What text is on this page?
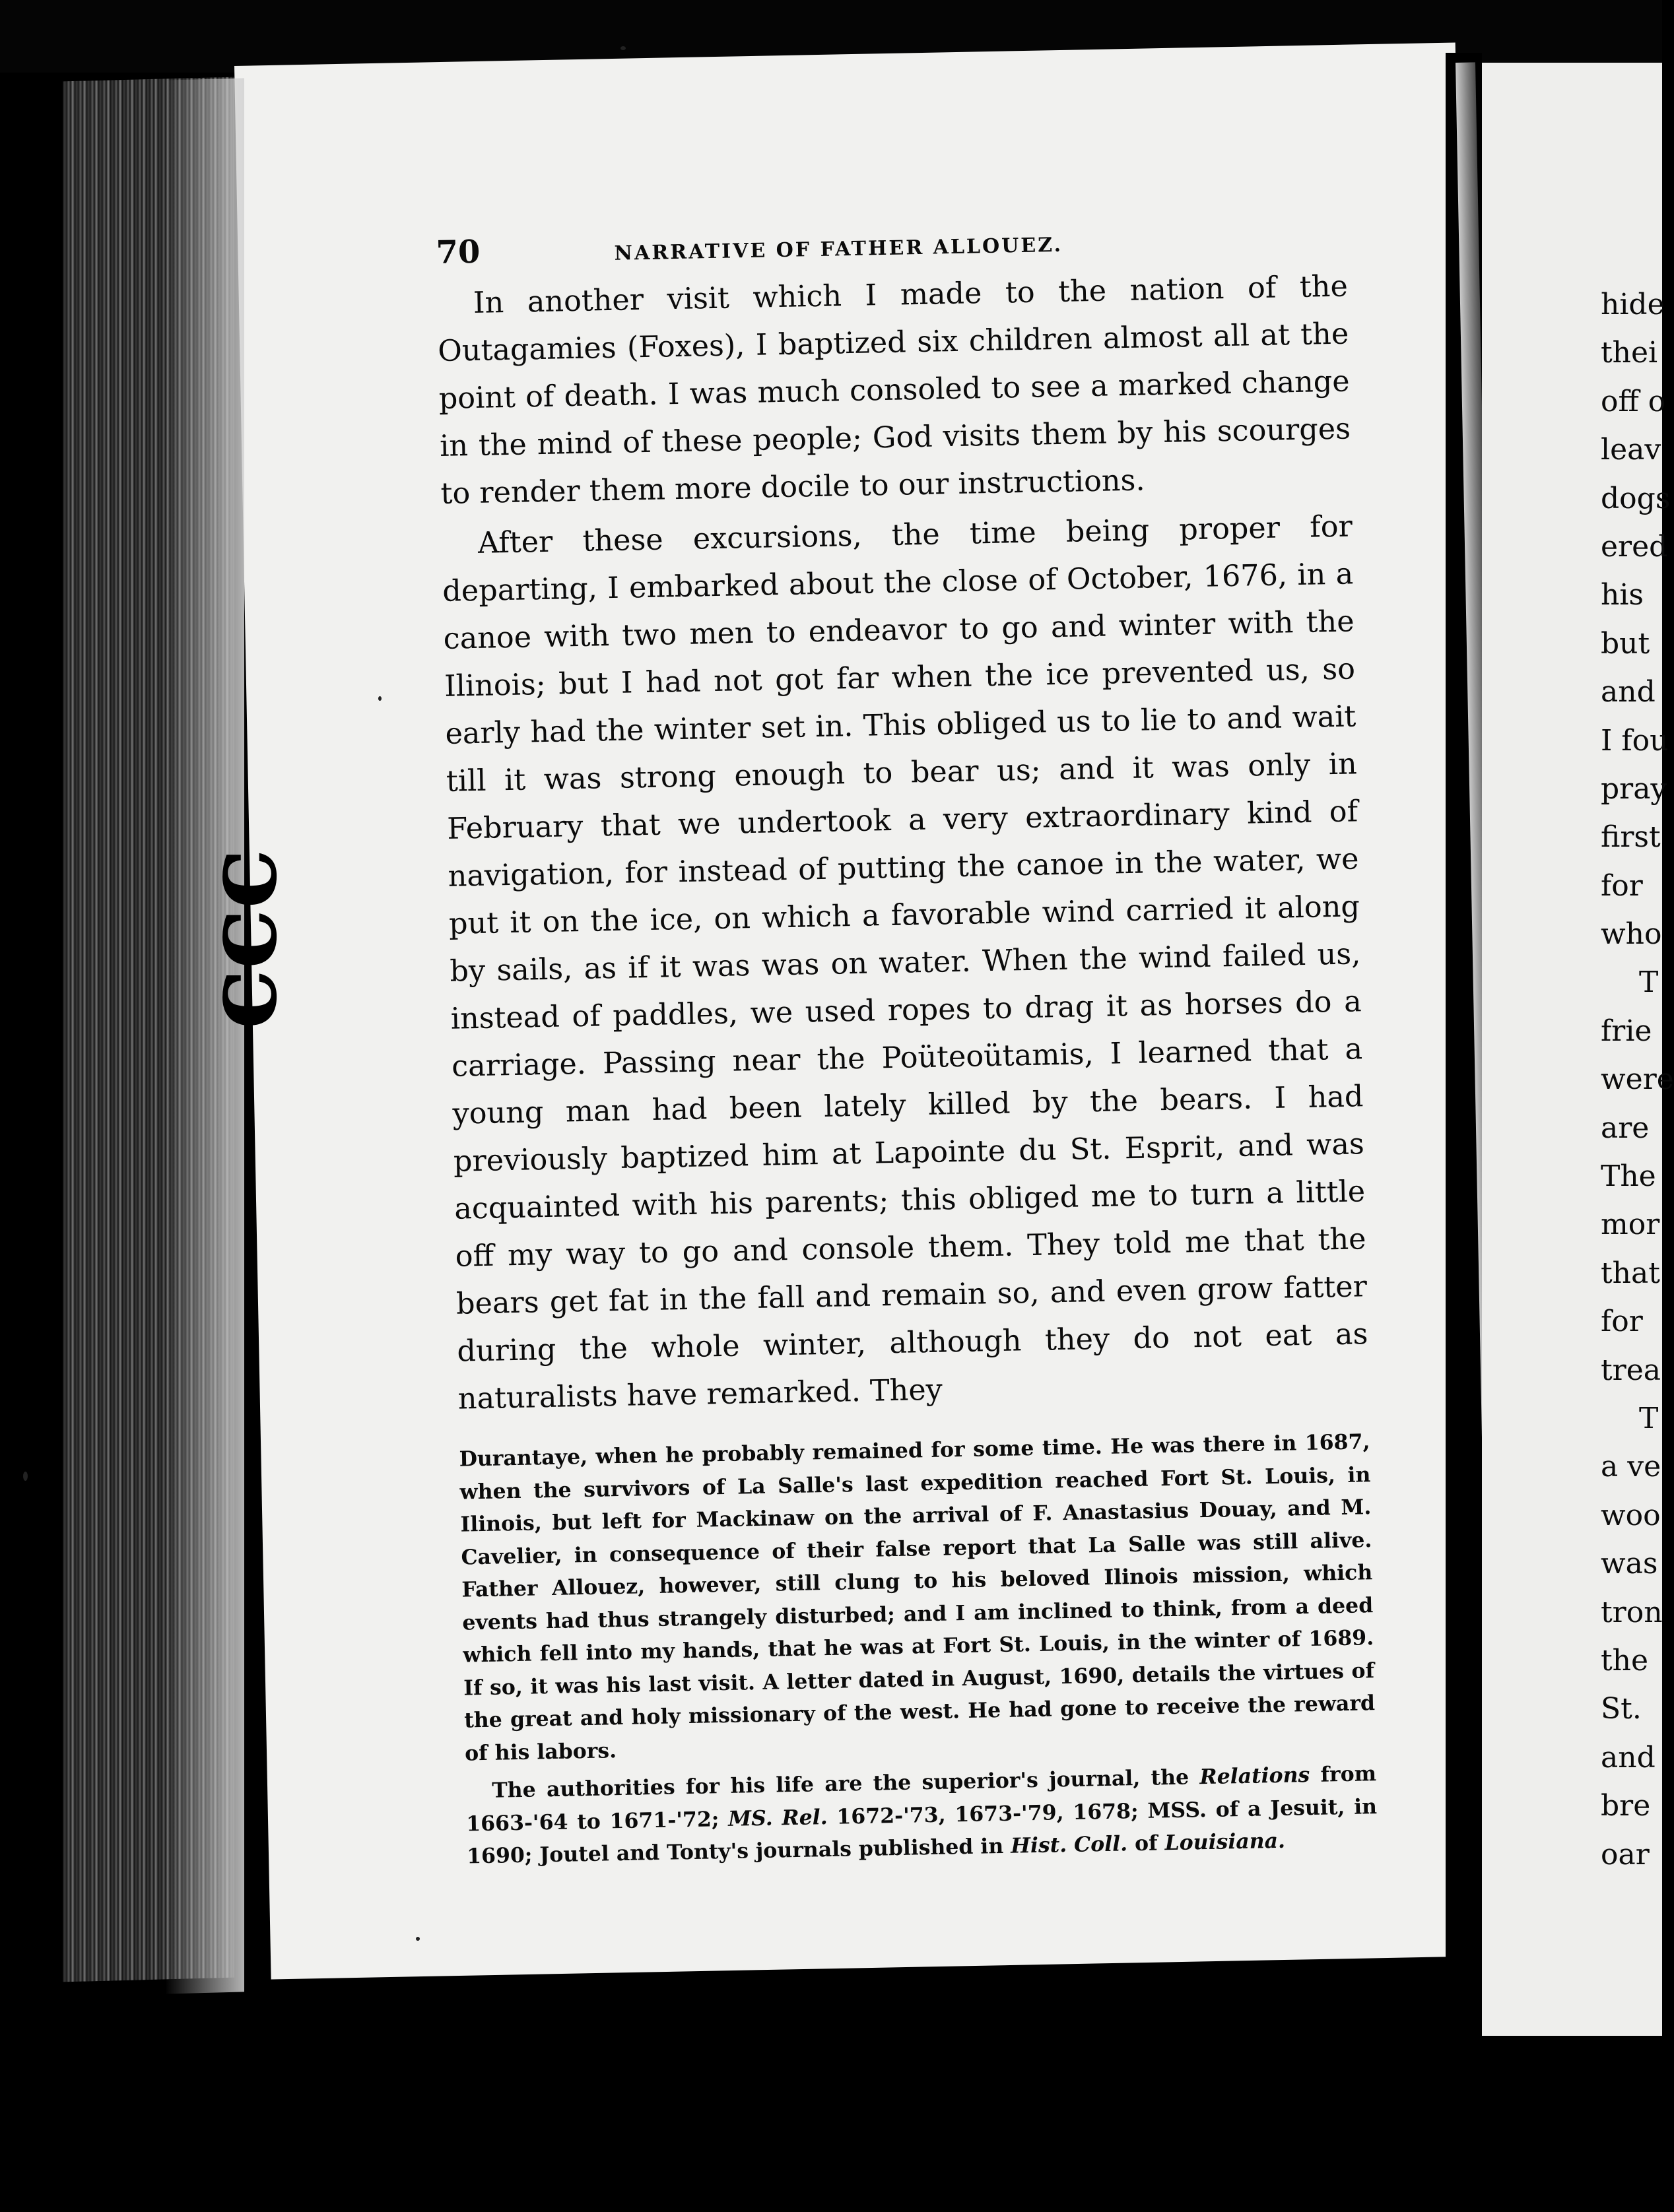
70	NARRATIVE OF FATHER ALLOUEZ.

In another visit which I made to the nation of the Outagamies (Foxes), I baptized six children almost all at the point of death. I was much consoled to see a marked change in the mind of these people; God visits them by his scourges to render them more docile to our instructions.

After these excursions, the time being proper for departing, I embarked about the close of October, 1676, in a canoe with two men to endeavor to go and winter with the Ilinois; but I had not got far when the ice prevented us, so early had the winter set in. This obliged us to lie to and wait till it was strong enough to bear us; and it was only in February that we undertook a very extraordinary kind of navigation, for instead of putting the canoe in the water, we put it on the ice, on which a favorable wind carried it along by sails, as if it was was on water. When the wind failed us, instead of paddles, we used ropes to drag it as horses do a carriage. Passing near the Poüteoütamis, I learned that a young man had been lately killed by the bears. I had previously baptized him at Lapointe du St. Esprit, and was acquainted with his parents; this obliged me to turn a little off my way to go and console them. They told me that the bears get fat in the fall and remain so, and even grow fatter during the whole winter, although they do not eat as naturalists have remarked. They

Durantaye, when he probably remained for some time. He was there in 1687, when the survivors of La Salle's last expedition reached Fort St. Louis, in Ilinois, but left for Mackinaw on the arrival of F. Anastasius Douay, and M. Cavelier, in consequence of their false report that La Salle was still alive. Father Allouez, however, still clung to his beloved Ilinois mission, which events had thus strangely disturbed; and I am inclined to think, from a deed which fell into my hands, that he was at Fort St. Louis, in the winter of 1689. If so, it was his last visit. A letter dated in August, 1690, details the virtues of the great and holy missionary of the west. He had gone to receive the reward of his labors.

The authorities for his life are the superior's journal, the Relations from 1663-'64 to 1671-'72; MS. Rel. 1672-'73, 1673-'79, 1678; MSS. of a Jesuit, in 1690; Joutel and Tonty's journals published in Hist. Coll. of Louisiana.

hide
thei
off o
leav
dogs
ered
his
but
and
I fou
pray
first
for
who
T
frie
were
are
The
mor
that
for
trea
T
a ve
woo
was
tron
the
St.
and
bre
oar
